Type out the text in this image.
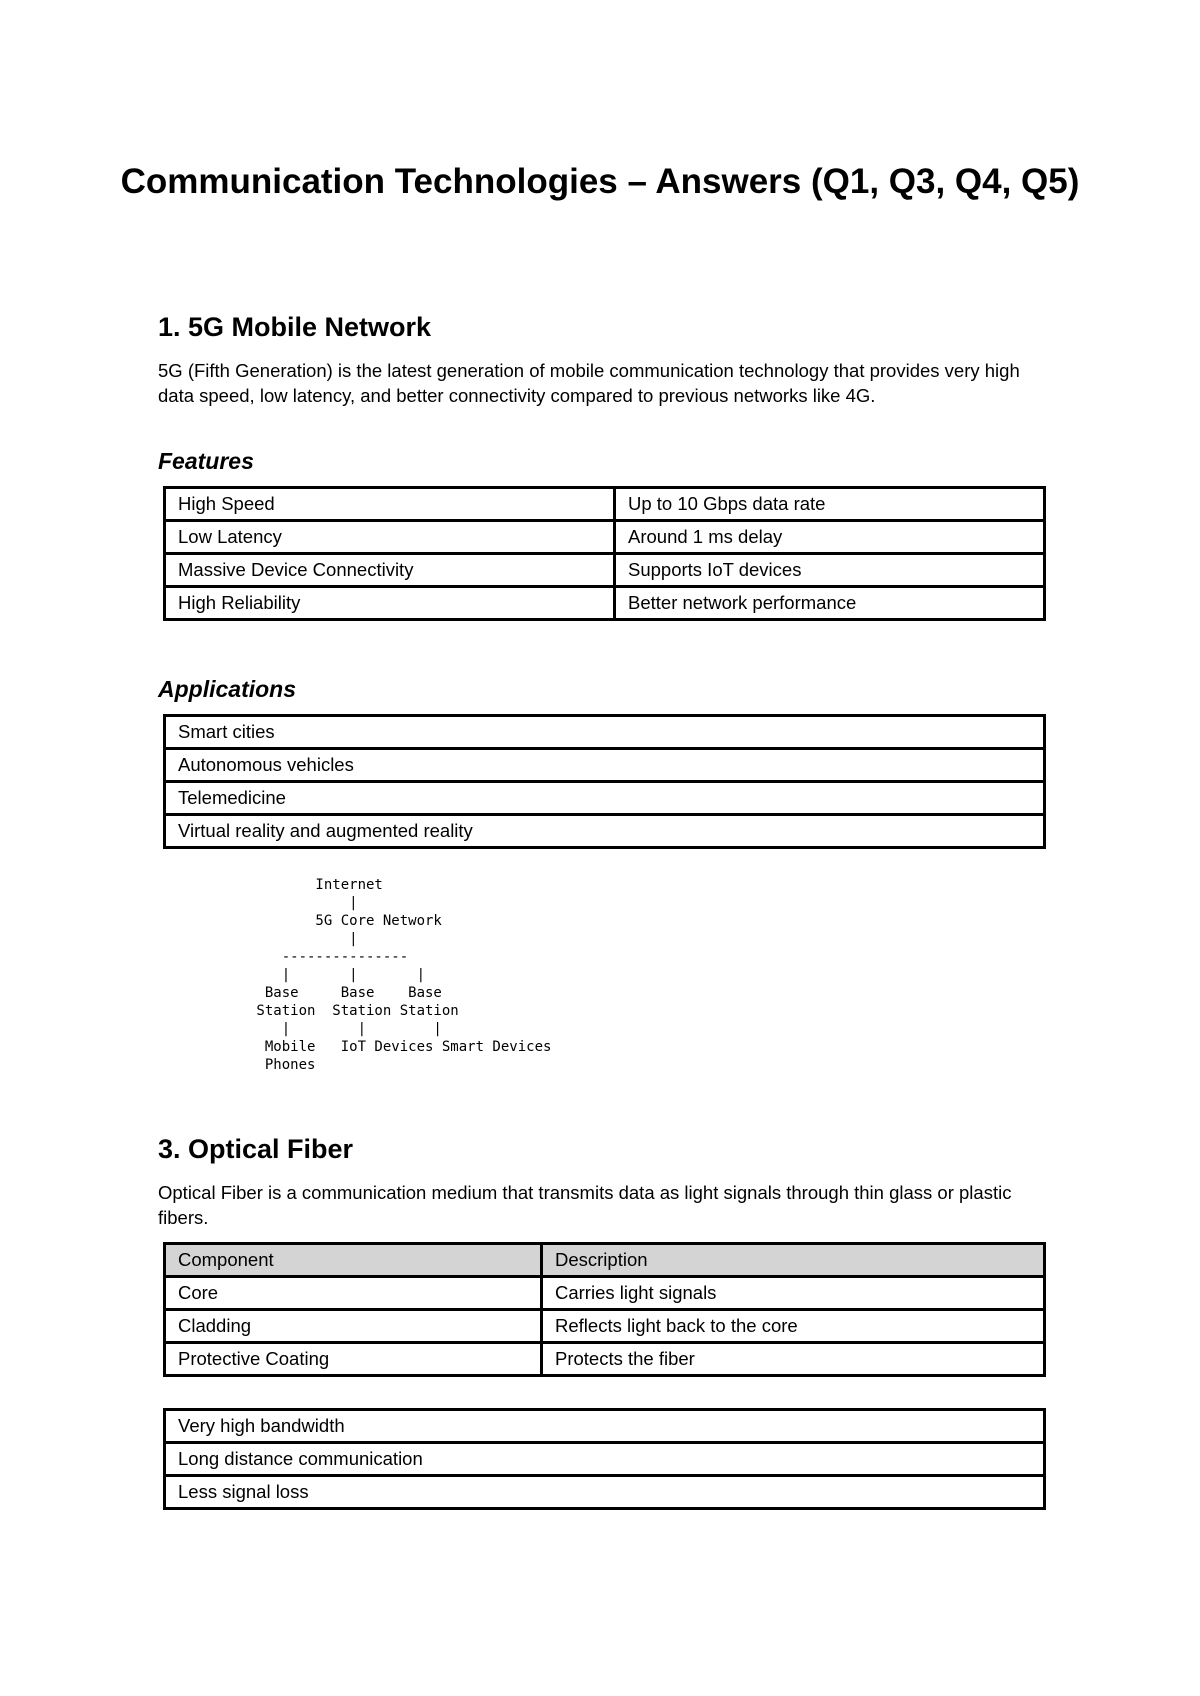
Communication Technologies – Answers (Q1, Q3, Q4, Q5)
1. 5G Mobile Network

5G (Fifth Generation) is the latest generation of mobile communication technology that provides very high data speed, low latency, and better connectivity compared to previous networks like 4G.

Features
High Speed	Up to 10 Gbps data rate
Low Latency	Around 1 ms delay
Massive Device Connectivity	Supports IoT devices
High Reliability	Better network performance
Applications
Smart cities
Autonomous vehicles
Telemedicine
Virtual reality and augmented reality
Internet
|
5G Core Network
|
---------------
|       |       |
Base     Base    Base
Station  Station Station
|        |        |
Mobile   IoT Devices Smart Devices
Phones
3. Optical Fiber

Optical Fiber is a communication medium that transmits data as light signals through thin glass or plastic fibers.

Component	Description
Core	Carries light signals
Cladding	Reflects light back to the core
Protective Coating	Protects the fiber
Very high bandwidth
Long distance communication
Less signal loss
